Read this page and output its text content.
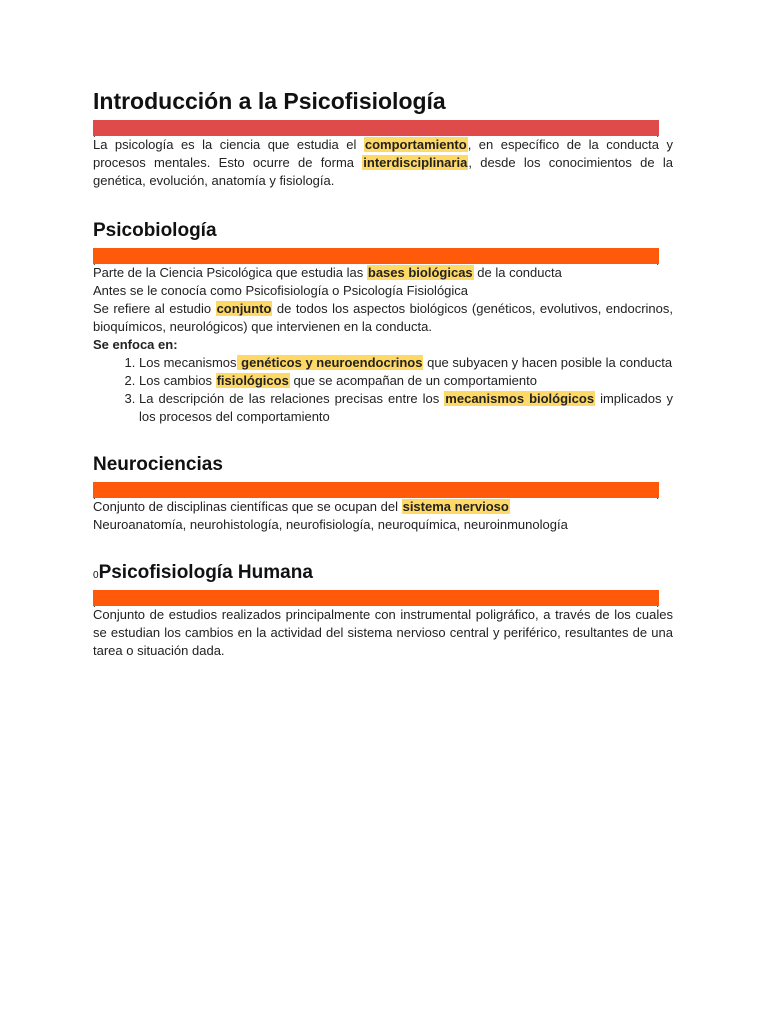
Introducción a la Psicofisiología
.	.

La psicología es la ciencia que estudia el comportamiento, en específico de la conducta y procesos mentales. Esto ocurre de forma interdisciplinaria, desde los conocimientos de la genética, evolución, anatomía y fisiología.

Psicobiología
.	.

Parte de la Ciencia Psicológica que estudia las bases biológicas de la conducta

Antes se le conocía como Psicofisiología o Psicología Fisiológica

Se refiere al estudio conjunto de todos los aspectos biológicos (genéticos, evolutivos, endocrinos, bioquímicos, neurológicos) que intervienen en la conducta.

Se enfoca en:

1. Los mecanismos genéticos y neuroendocrinos que subyacen y hacen posible la conducta
2. Los cambios fisiológicos que se acompañan de un comportamiento
3. La descripción de las relaciones precisas entre los mecanismos biológicos implicados y los procesos del comportamiento
Neurociencias
.	.

Conjunto de disciplinas científicas que se ocupan del sistema nervioso

Neuroanatomía, neurohistología, neurofisiología, neuroquímica, neuroinmunología

0Psicofisiología Humana
.	.

Conjunto de estudios realizados principalmente con instrumental poligráfico, a través de los cuales se estudian los cambios en la actividad del sistema nervioso central y periférico, resultantes de una tarea o situación dada.
